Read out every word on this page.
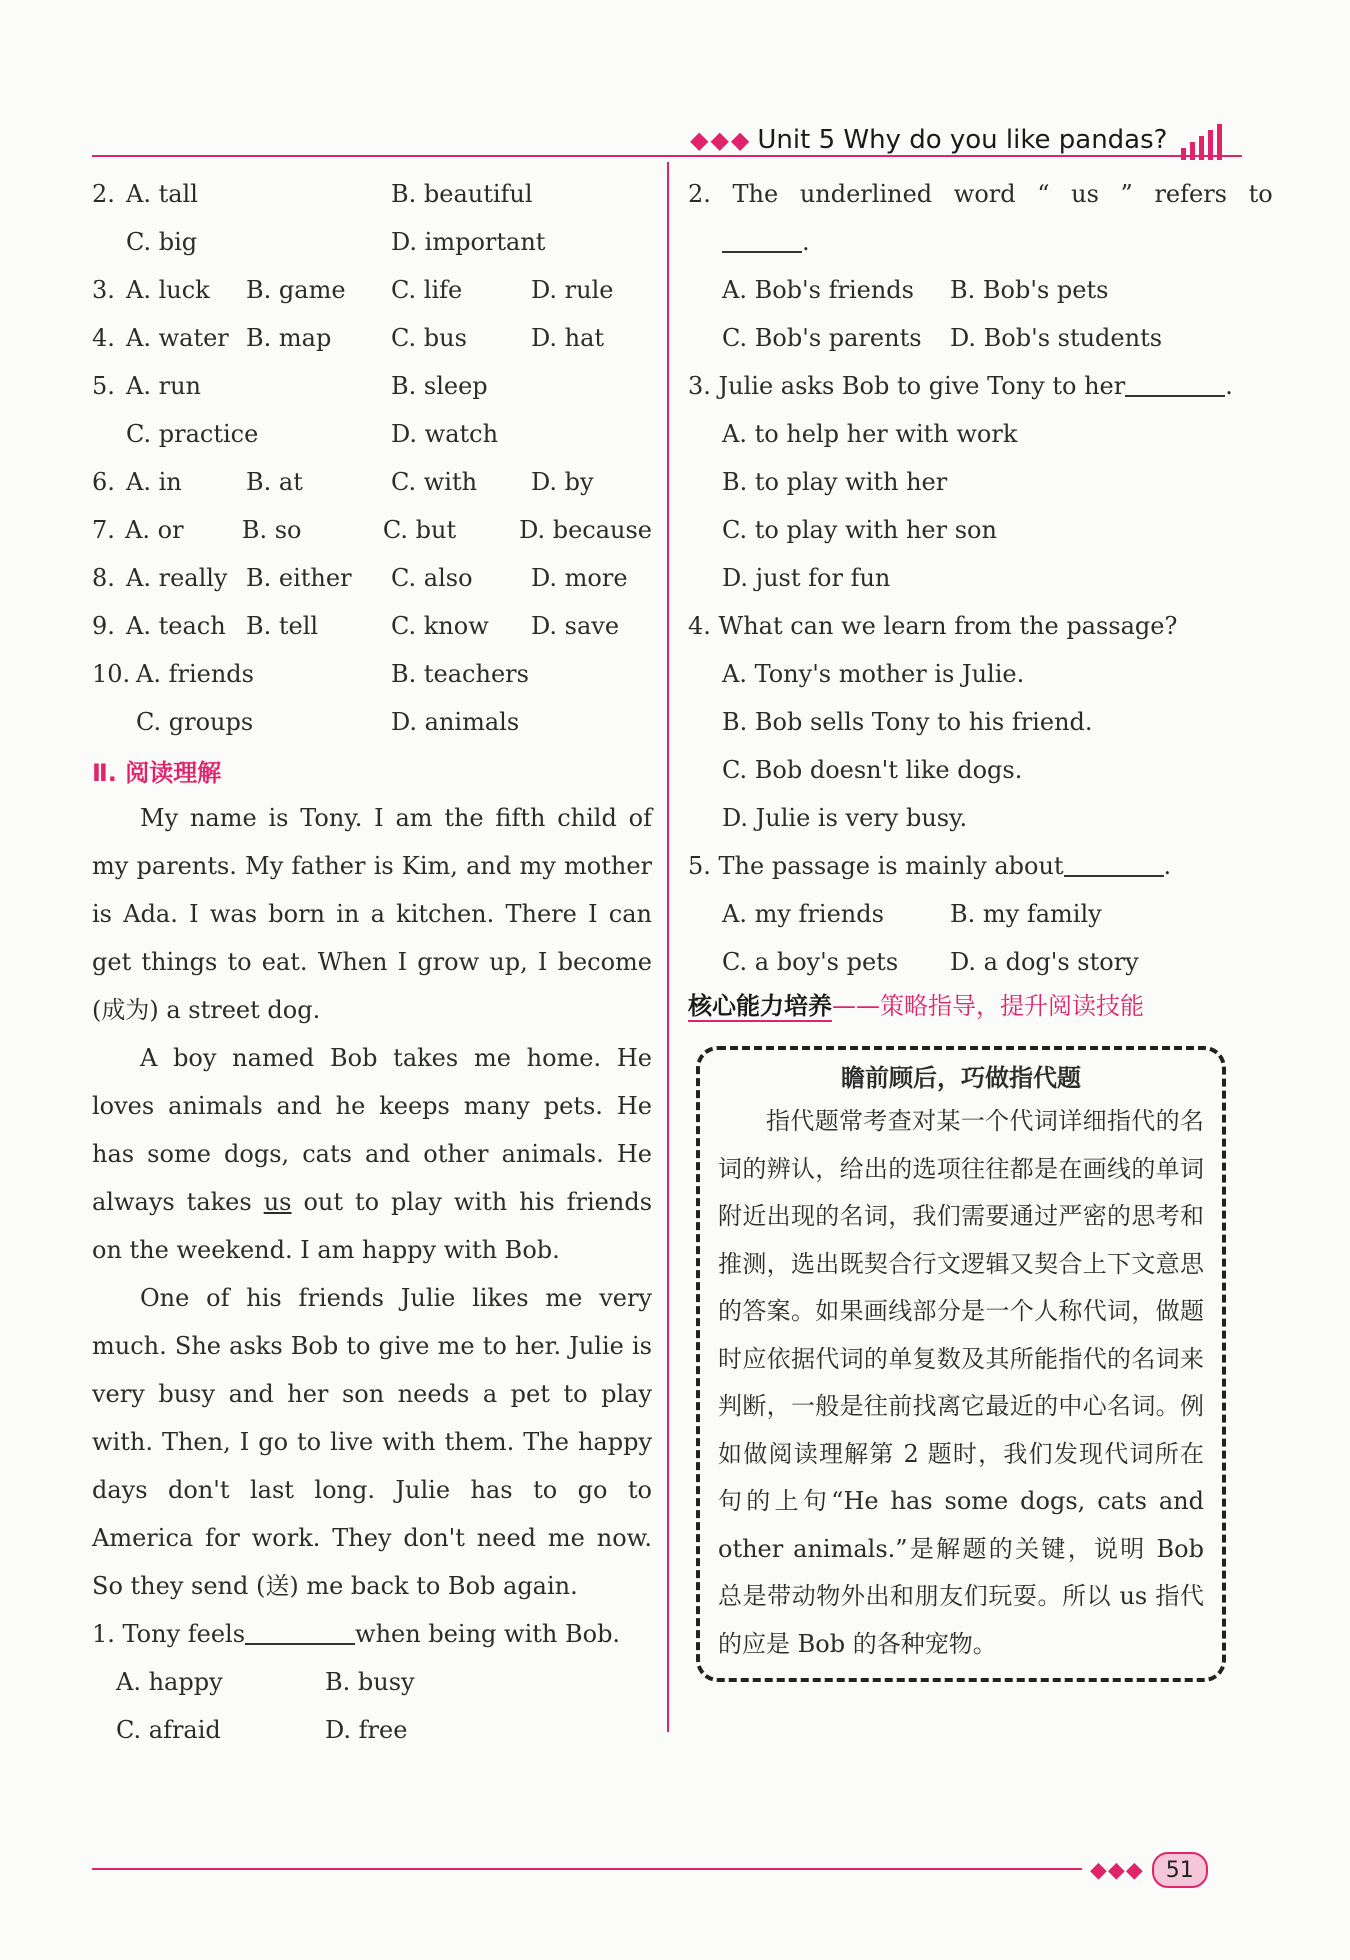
◆◆◆ Unit 5 Why do you like pandas?
2. A. tall	B. beautiful
C. big	D. important
3. A. luck	B. game	C. life	D. rule
4. A. water B. map	C. bus	D. hat
5. A. run	B. sleep
C. practice	D. watch
6. A. in	B. at	C. with	D. by
7. A. or	B. so	C. but	D. because
8. A. really B. either	C. also	D. more
9. A. teach B. tell	C. know	D. save
10. A. friends	B. teachers
C. groups	D. animals
Ⅱ. 阅读理解

My name is Tony. I am the fifth child of my parents. My father is Kim, and my mother is Ada. I was born in a kitchen. There I can get things to eat. When I grow up, I become (成为) a street dog.

A boy named Bob takes me home. He loves animals and he keeps many pets. He has some dogs, cats and other animals. He always takes us out to play with his friends on the weekend. I am happy with Bob.

One of his friends Julie likes me very much. She asks Bob to give me to her. Julie is very busy and her son needs a pet to play with. Then, I go to live with them. The happy days don't last long. Julie has to go to America for work. They don't need me now. So they send (送) me back to Bob again.

1. Tony feels	when being with Bob.
A. happy	B. busy
C. afraid	D. free
2. The underlined word “ us ” refers to
.
A. Bob's friends	B. Bob's pets
C. Bob's parents	D. Bob's students
3. Julie asks Bob to give Tony to her	.
A. to help her with work
B. to play with her
C. to play with her son
D. just for fun
4. What can we learn from the passage?
A. Tony's mother is Julie.
B. Bob sells Tony to his friend.
C. Bob doesn't like dogs.
D. Julie is very busy.
5. The passage is mainly about	.
A. my friends	B. my family
C. a boy's pets	D. a dog's story
核心能力培养 ——策略指导，提升阅读技能
瞻前顾后，巧做指代题

指代题常考查对某一个代词详细指代的名词的辨认，给出的选项往往都是在画线的单词附近出现的名词，我们需要通过严密的思考和推测，选出既契合行文逻辑又契合上下文意思的答案。如果画线部分是一个人称代词，做题时应依据代词的单复数及其所能指代的名词来判断，一般是往前找离它最近的中心名词。例如做阅读理解第 2 题时，我们发现代词所在句的上句“He has some dogs, cats and other animals.”是解题的关键，说明 Bob 总是带动物外出和朋友们玩耍。所以 us 指代的应是 Bob 的各种宠物。

◆◆◆	51
